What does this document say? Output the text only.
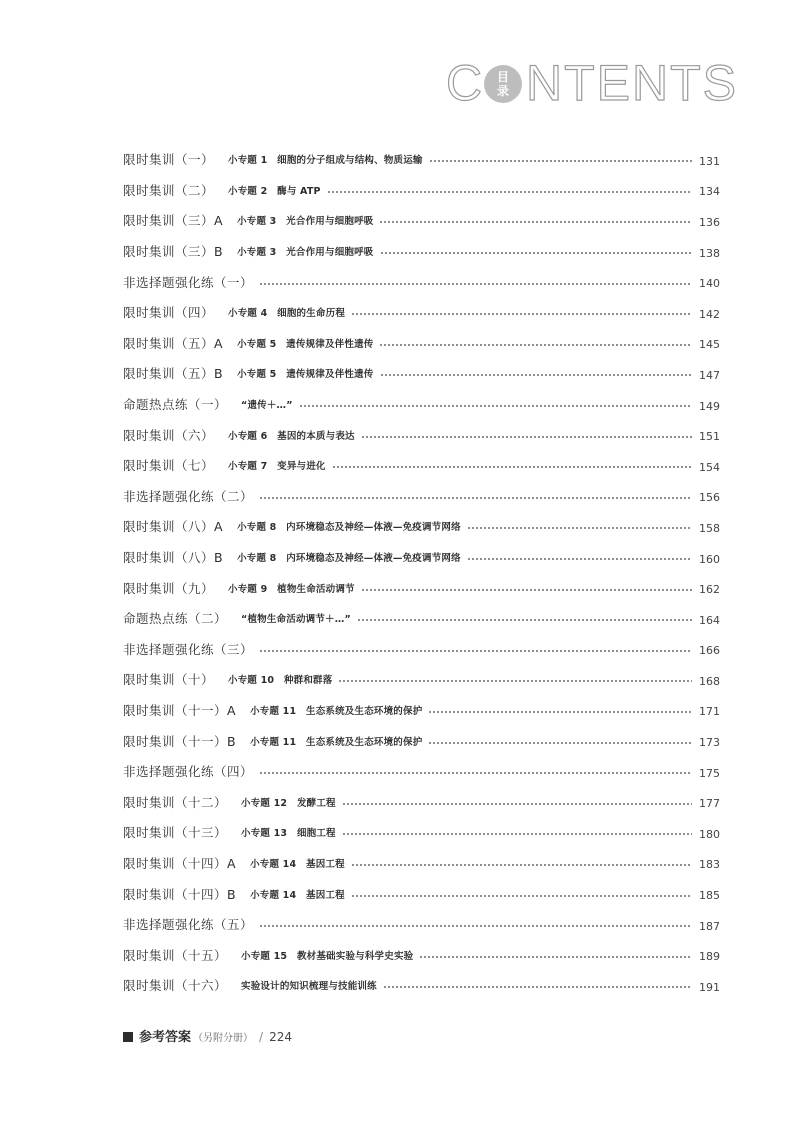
C	目
录 NTENTS
限时集训（一） 小专题 1　细胞的分子组成与结构、物质运输	131
限时集训（二） 小专题 2　酶与 ATP	134
限时集训（三）A 小专题 3　光合作用与细胞呼吸	136
限时集训（三）B 小专题 3　光合作用与细胞呼吸	138
非选择题强化练（一）	140
限时集训（四） 小专题 4　细胞的生命历程	142
限时集训（五）A 小专题 5　遗传规律及伴性遗传	145
限时集训（五）B 小专题 5　遗传规律及伴性遗传	147
命题热点练（一） “遗传＋…”	149
限时集训（六） 小专题 6　基因的本质与表达	151
限时集训（七） 小专题 7　变异与进化	154
非选择题强化练（二）	156
限时集训（八）A 小专题 8　内环境稳态及神经—体液—免疫调节网络	158
限时集训（八）B 小专题 8　内环境稳态及神经—体液—免疫调节网络	160
限时集训（九） 小专题 9　植物生命活动调节	162
命题热点练（二） “植物生命活动调节＋…”	164
非选择题强化练（三）	166
限时集训（十） 小专题 10　种群和群落	168
限时集训（十一）A 小专题 11　生态系统及生态环境的保护	171
限时集训（十一）B 小专题 11　生态系统及生态环境的保护	173
非选择题强化练（四）	175
限时集训（十二） 小专题 12　发酵工程	177
限时集训（十三） 小专题 13　细胞工程	180
限时集训（十四）A 小专题 14　基因工程	183
限时集训（十四）B 小专题 14　基因工程	185
非选择题强化练（五）	187
限时集训（十五） 小专题 15　教材基础实验与科学史实验	189
限时集训（十六） 实验设计的知识梳理与技能训练	191
参考答案 （另附分册） / 224
